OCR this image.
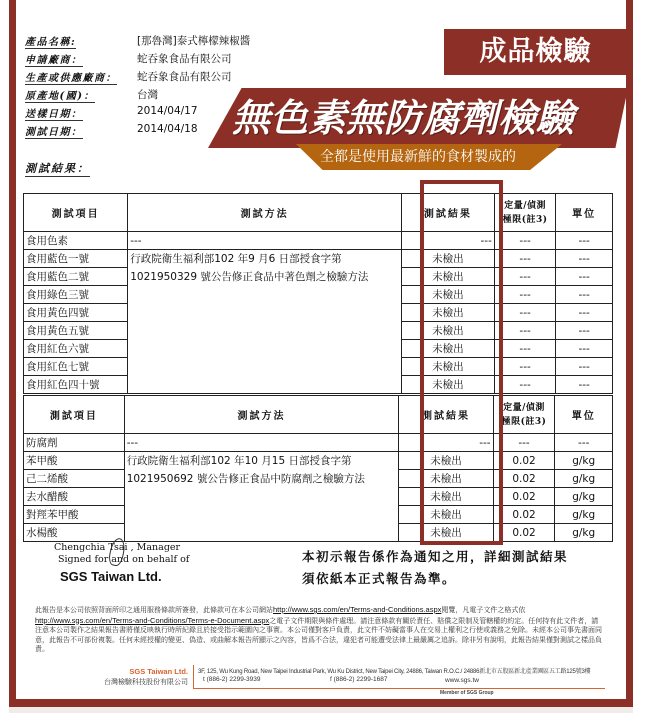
產品名稱:	[那魯灣]泰式檸檬辣椒醬
申請廠商：	蛇吞象食品有限公司
生產或供應廠商： 蛇吞象食品有限公司
原產地(國)：	台灣
送樣日期：	2014/04/17
測試日期：	2014/04/18
測試結果：
成品檢驗
無色素無防腐劑檢驗
全都是使用最新鮮的食材製成的
測試項目	測試方法	測試結果	定量/偵測
極限(註3)	單位
食用色素	---	---	---	---
食用藍色一號	行政院衛生福利部102 年9 月6 日部授食字第
1021950329 號公告修正食品中著色劑之檢驗方法	未檢出	---	---
食用藍色二號		未檢出	---	---
食用綠色三號		未檢出	---	---
食用黃色四號		未檢出	---	---
食用黃色五號		未檢出	---	---
食用紅色六號		未檢出	---	---
食用紅色七號		未檢出	---	---
食用紅色四十號		未檢出	---	---
測試項目	測試方法	測試結果	定量/偵測
極限(註3)	單位
防腐劑	---	---	---	---
苯甲酸	行政院衛生福利部102 年10 月15 日部授食字第
1021950692 號公告修正食品中防腐劑之檢驗方法	未檢出	0.02	g/kg
己二烯酸		未檢出	0.02	g/kg
去水醋酸		未檢出	0.02	g/kg
對羥苯甲酸		未檢出	0.02	g/kg
水楊酸		未檢出	0.02	g/kg
Chengchia Tsai , Manager
Signed for and on behalf of
SGS Taiwan Ltd.
本初示報告係作為通知之用，詳細測試結果
須依紙本正式報告為準。
此報告是本公司依照背面所印之通用服務條款所簽發，此條款可在本公司網站http://www.sgs.com/en/Terms-and-Conditions.aspx閱覽，凡電子文件之格式依http://www.sgs.com/en/Terms-and-Conditions/Terms-e-Document.aspx之電子文件期限與條件處理。請注意條款有關於責任、賠償之限制及管轄權的約定。任何持有此文件者，請注意本公司製作之結果報告書將僅反映執行時所紀錄且於接受指示範圍內之事實。本公司僅對客戶負責，此文件不妨礙當事人在交易上權利之行使或義務之免除。未經本公司事先書面同意，此報告不可部份複製。任何未經授權的變更、偽造、或曲解本報告所顯示之內容，皆爲不合法，違犯者可能遭受法律上最嚴厲之追訴。除非另有說明，此報告結果僅對測試之樣品負責。
SGS Taiwan Ltd.
台灣檢驗科技股份有限公司
3F, 125, Wu Kung Road, New Taipei Industrial Park, Wu Ku District, New Taipei City, 24886, Taiwan R.O.C./ 24886新北市五股區新北產業園區五工路125號3樓
t (886-2) 2299-3939	f (886-2) 2299-1687	www.sgs.tw
Member of SGS Group
